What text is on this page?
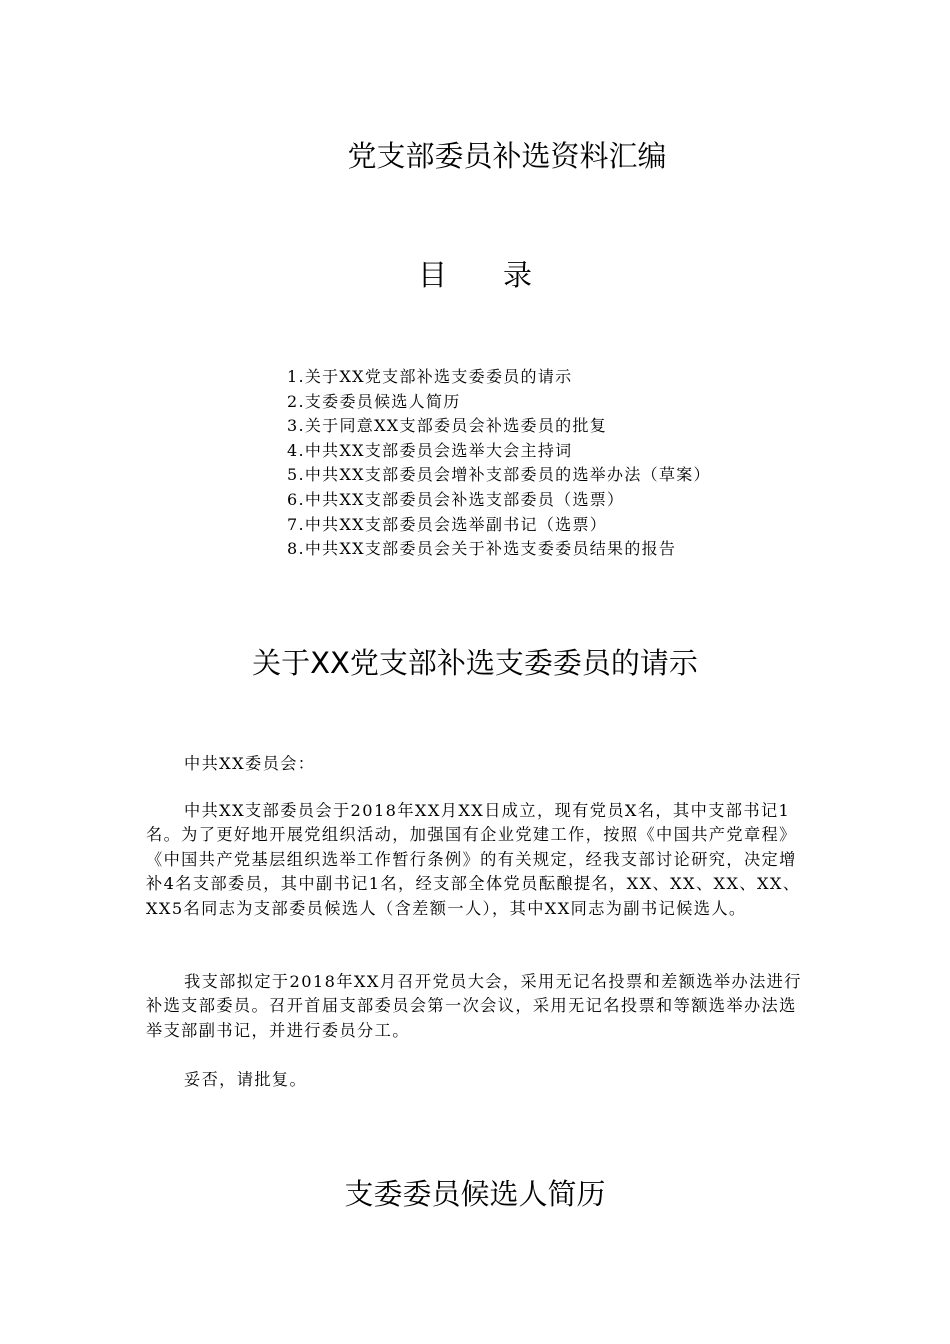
党支部委员补选资料汇编
目 录
1.关于XX党支部补选支委委员的请示
2.支委委员候选人简历
3.关于同意XX支部委员会补选委员的批复
4.中共XX支部委员会选举大会主持词
5.中共XX支部委员会增补支部委员的选举办法（草案）
6.中共XX支部委员会补选支部委员（选票）
7.中共XX支部委员会选举副书记（选票）
8.中共XX支部委员会关于补选支委委员结果的报告
关于XX党支部补选支委委员的请示

中共XX委员会：

中共XX支部委员会于2018年XX月XX日成立，现有党员X名，其中支部书记1名。为了更好地开展党组织活动，加强国有企业党建工作，按照《中国共产党章程》《中国共产党基层组织选举工作暂行条例》的有关规定，经我支部讨论研究，决定增补4名支部委员，其中副书记1名，经支部全体党员酝酿提名，XX、XX、XX、XX、XX5名同志为支部委员候选人（含差额一人），其中XX同志为副书记候选人。

我支部拟定于2018年XX月召开党员大会，采用无记名投票和差额选举办法进行补选支部委员。召开首届支部委员会第一次会议，采用无记名投票和等额选举办法选举支部副书记，并进行委员分工。

妥否，请批复。

支委委员候选人简历
